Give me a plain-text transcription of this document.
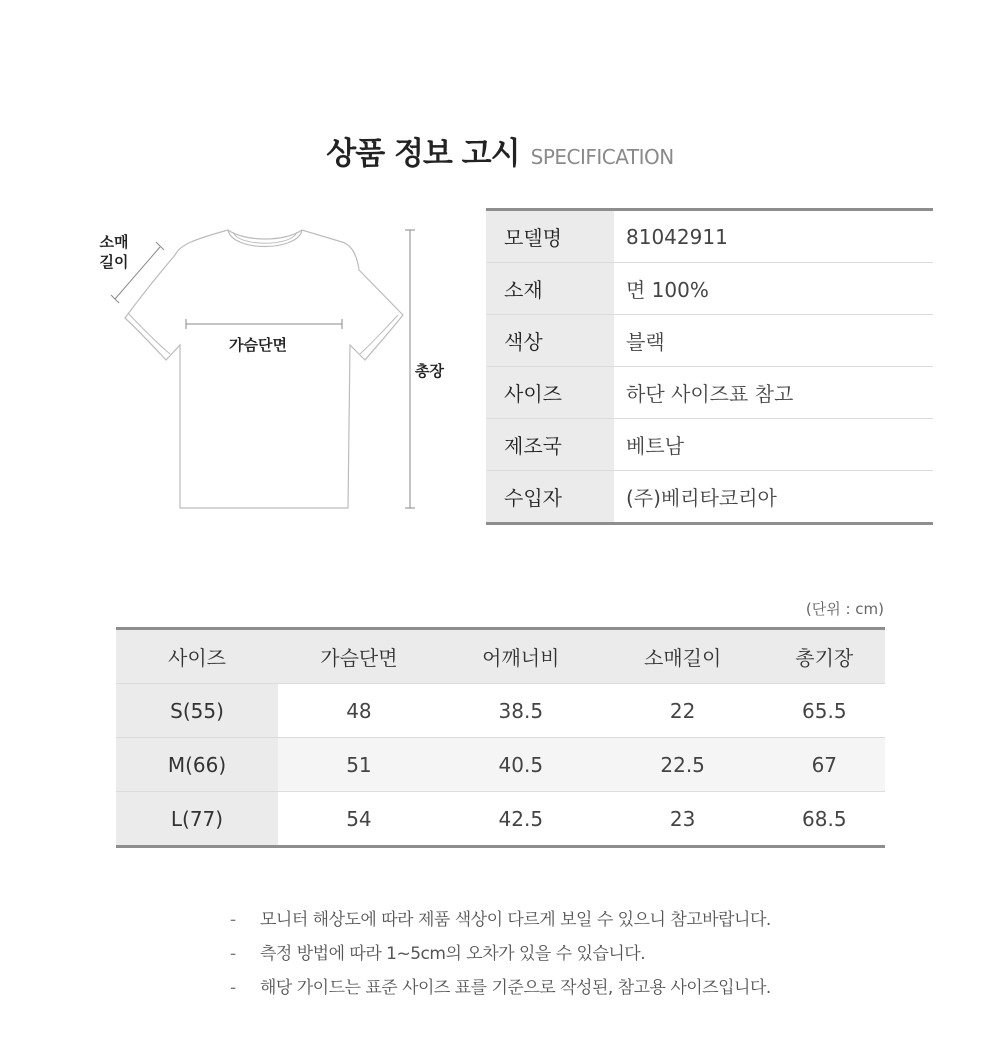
상품 정보 고시 SPECIFICATION
소매
길이
가슴단면
총장
모델명	81042911
소재	면 100%
색상	블랙
사이즈	하단 사이즈표 참고
제조국	베트남
수입자	(주)베리타코리아
(단위 : cm)
사이즈	가슴단면	어깨너비	소매길이	총기장
S(55)	48	38.5	22	65.5
M(66)	51	40.5	22.5	67
L(77)	54	42.5	23	68.5
- 모니터 해상도에 따라 제품 색상이 다르게 보일 수 있으니 참고바랍니다.
- 측정 방법에 따라 1~5cm의 오차가 있을 수 있습니다.
- 해당 가이드는 표준 사이즈 표를 기준으로 작성된, 참고용 사이즈입니다.
